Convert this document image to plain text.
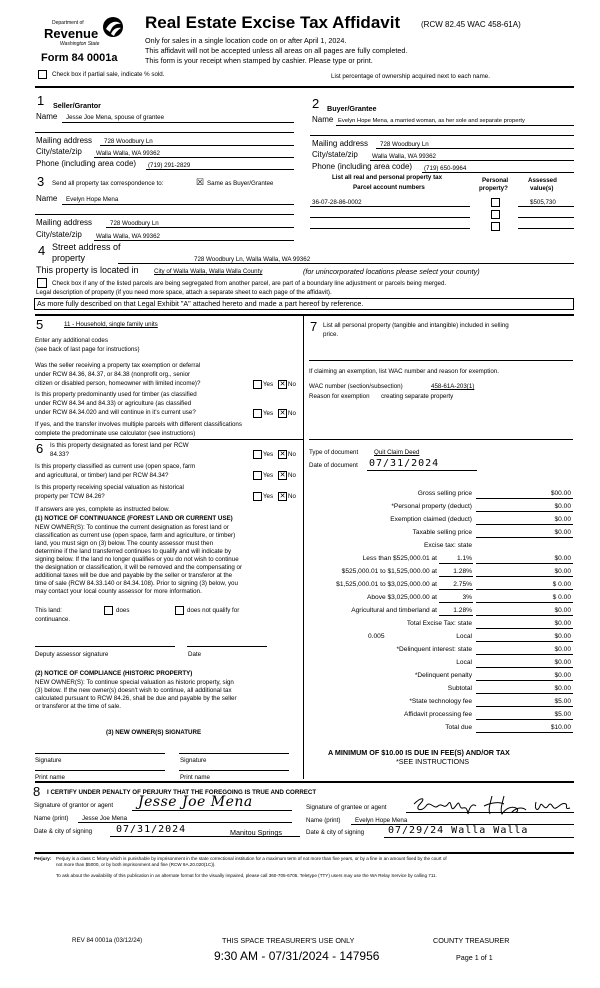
Department of
Revenue
Washington State
Form 84 0001a
Real Estate Excise Tax Affidavit	(RCW 82.45 WAC 458-61A)
Only for sales in a single location code on or after April 1, 2024.
This affidavit will not be accepted unless all areas on all pages are fully completed.
This form is your receipt when stamped by cashier. Please type or print.
Check box if partial sale, indicate % sold.	List percentage of ownership acquired next to each name.
1 Seller/Grantor
Name Jesse Joe Mena, spouse of grantee
Mailing address 728 Woodbury Ln
City/state/zip Walla Walla, WA 99362
Phone (including area code) (719) 291-2829
2 Buyer/Grantee
Name Evelyn Hope Mena, a married woman, as her sole and separate property
Mailing address 728 Woodbury Ln
City/state/zip Walla Walla, WA 99362
Phone (including area code) (719) 650-9964
3 Send all property tax correspondence to:	☒ Same as Buyer/Grantee
Name Evelyn Hope Mena
Mailing address	728 Woodbury Ln
City/state/zip Walla Walla, WA 99362
List all real and personal property tax
Parcel account numbers
Personal
property?
Assessed
value(s)
36-07-28-86-0002	$505,730
4 Street address of
property	728 Woodbury Ln, Walla Walla, WA 99362
This property is located in City of Walla Walla, Walla Walla County	(for unincorporated locations please select your county)
Check box if any of the listed parcels are being segregated from another parcel, are part of a boundary line adjustment or parcels being merged.
Legal description of property (if you need more space, attach a separate sheet to each page of the affidavit).
As more fully described on that Legal Exhibit "A" attached hereto and made a part hereof by reference.
5	11 - Household, single family units
Enter any additional codes
(see back of last page for instructions)
Was the seller receiving a property tax exemption or deferral
under RCW 84.36, 84.37, or 84.38 (nonprofit org., senior
citizen or disabled person, homeowner with limited income)?	Yes ✕ No
Is this property predominantly used for timber (as classified
under RCW 84.34 and 84.33) or agriculture (as classified
under RCW 84.34.020 and will continue in it's current use?	Yes ✕ No
If yes, and the transfer involves multiple parcels with different classifications
complete the predominate use calculator (see instructions)
6 Is this property designated as forest land per RCW
84.33?	Yes ✕ No
Is this property classified as current use (open space, farm
and agricultural, or timber) land per RCW 84.34?	Yes ✕ No
Is this property receiving special valuation as historical
property per TCW 84.26?	Yes ✕ No
If answers are yes, complete as instructed below.
(1) NOTICE OF CONTINUANCE (FOREST LAND OR CURRENT USE)
NEW OWNER(S): To continue the current designation as forest land or
classification as current use (open space, farm and agriculture, or timber)
land, you must sign on (3) below. The county assessor must then
determine if the land transferred continues to qualify and will indicate by
signing below. If the land no longer qualifies or you do not wish to continue
the designation or classification, it will be removed and the compensating or
additional taxes will be due and payable by the seller or transferor at the
time of sale (RCW 84.33.140 or 84.34.108). Prior to signing (3) below, you
may contact your local county assessor for more information.
This land:	does	does not qualify for
continuance.
Deputy assessor signature	Date
(2) NOTICE OF COMPLIANCE (HISTORIC PROPERTY)
NEW OWNER(S): To continue special valuation as historic property, sign
(3) below. If the new owner(s) doesn't wish to continue, all additional tax
calculated pursuant to RCW 84.26, shall be due and payable by the seller
or transferor at the time of sale.
(3) NEW OWNER(S) SIGNATURE
Signature	Signature
Print name	Print name
7 List all personal property (tangible and intangible) included in selling
price.
If claiming an exemption, list WAC number and reason for exemption.
WAC number (section/subsection)	458-61A-203(1)
Reason for exemption creating separate property
Type of document	Quit Claim Deed
Date of document 07/31/2024
Gross selling price	$00.00
*Personal property (deduct)	$0.00
Exemption claimed (deduct)	$0.00
Taxable selling price	$0.00
Excise tax: state
Less than $525,000.01 at	1.1%	$0.00
$525,000.01 to $1,525,000.00 at 1.28%	$0.00
$1,525,000.01 to $3,025,000.00 at 2.75%	$ 0.00
Above $3,025,000.00 at	3%	$ 0.00
Agricultural and timberland at 1.28%	$0.00
Total Excise Tax: state	$0.00
0.005	Local	$0.00
*Delinquent interest: state	$0.00
Local	$0.00
*Delinquent penalty	$0.00
Subtotal	$0.00
*State technology fee	$5.00
Affidavit processing fee	$5.00
Total due	$10.00
A MINIMUM OF $10.00 IS DUE IN FEE(S) AND/OR TAX
*SEE INSTRUCTIONS
8 I CERTIFY UNDER PENALTY OF PERJURY THAT THE FOREGOING IS TRUE AND CORRECT
Signature of grantor or agent Jesse Joe Mena
Name (print) Jesse Joe Mena
Date & city of signing 07/31/2024	Manitou Springs
Signature of grantee or agent
Name (print) Evelyn Hope Mena
Date & city of signing 07/29/24 Walla Walla
Perjury: Perjury is a class C felony which is punishable by imprisonment in the state correctional institution for a maximum term of not more than five years, or by a fine in an amount fixed by the court of
not more than $5000, or by both imprisonment and fine (RCW 9A.20.020(1C)).
To ask about the availability of this publication in an alternate format for the visually impaired, please call 360-705-6705. Teletype (TTY) users may use the WA Relay Service by calling 711.
REV 84 0001a (03/12/24)	THIS SPACE TREASURER'S USE ONLY	COUNTY TREASURER
9:30 AM - 07/31/2024 - 147956	Page 1 of 1
